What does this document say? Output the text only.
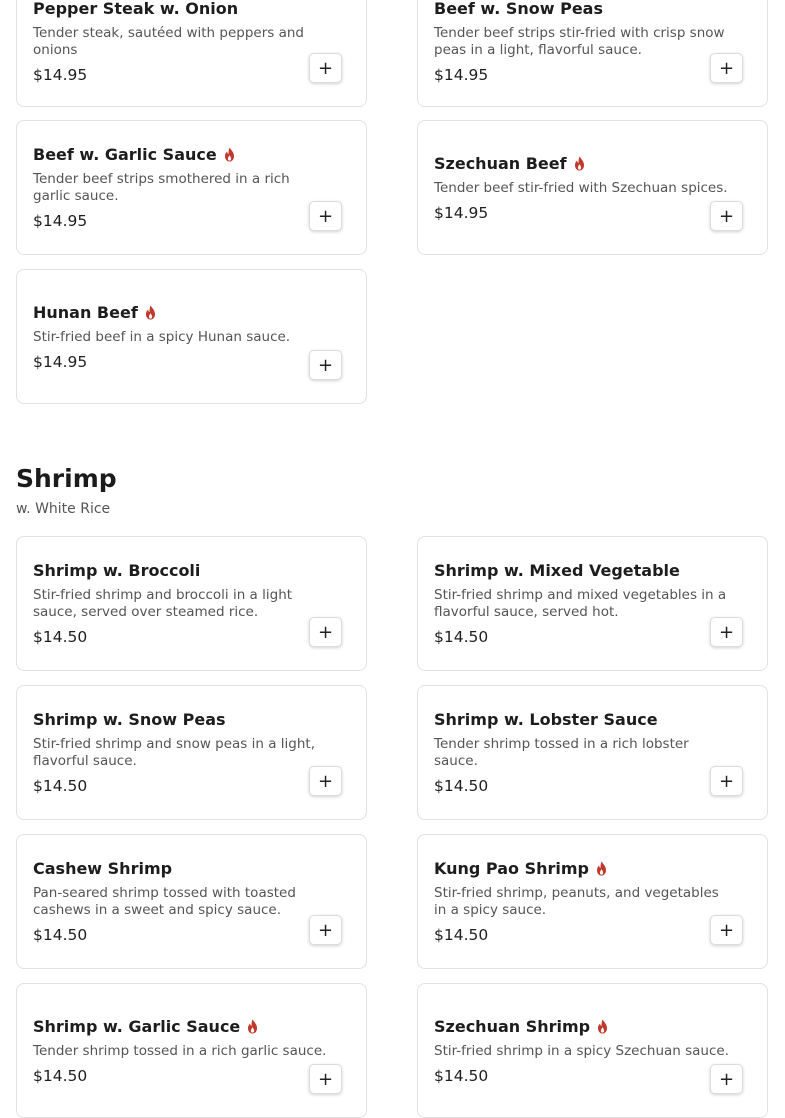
Pepper Steak w. Onion
Tender steak, sautéed with peppers and onions
$14.95	+
Beef w. Snow Peas
Tender beef strips stir-fried with crisp snow peas in a light, flavorful sauce.
$14.95	+
Beef w. Garlic Sauce
Tender beef strips smothered in a rich garlic sauce.
$14.95	+
Szechuan Beef
Tender beef stir-fried with Szechuan spices.
$14.95	+
Hunan Beef
Stir-fried beef in a spicy Hunan sauce.
$14.95	+
Shrimp
w. White Rice
Shrimp w. Broccoli
Stir-fried shrimp and broccoli in a light sauce, served over steamed rice.
$14.50	+
Shrimp w. Mixed Vegetable
Stir-fried shrimp and mixed vegetables in a flavorful sauce, served hot.
$14.50	+
Shrimp w. Snow Peas
Stir-fried shrimp and snow peas in a light, flavorful sauce.
$14.50	+
Shrimp w. Lobster Sauce
Tender shrimp tossed in a rich lobster sauce.
$14.50	+
Cashew Shrimp
Pan-seared shrimp tossed with toasted cashews in a sweet and spicy sauce.
$14.50	+
Kung Pao Shrimp
Stir-fried shrimp, peanuts, and vegetables in a spicy sauce.
$14.50	+
Shrimp w. Garlic Sauce
Tender shrimp tossed in a rich garlic sauce.
$14.50	+
Szechuan Shrimp
Stir-fried shrimp in a spicy Szechuan sauce.
$14.50	+
